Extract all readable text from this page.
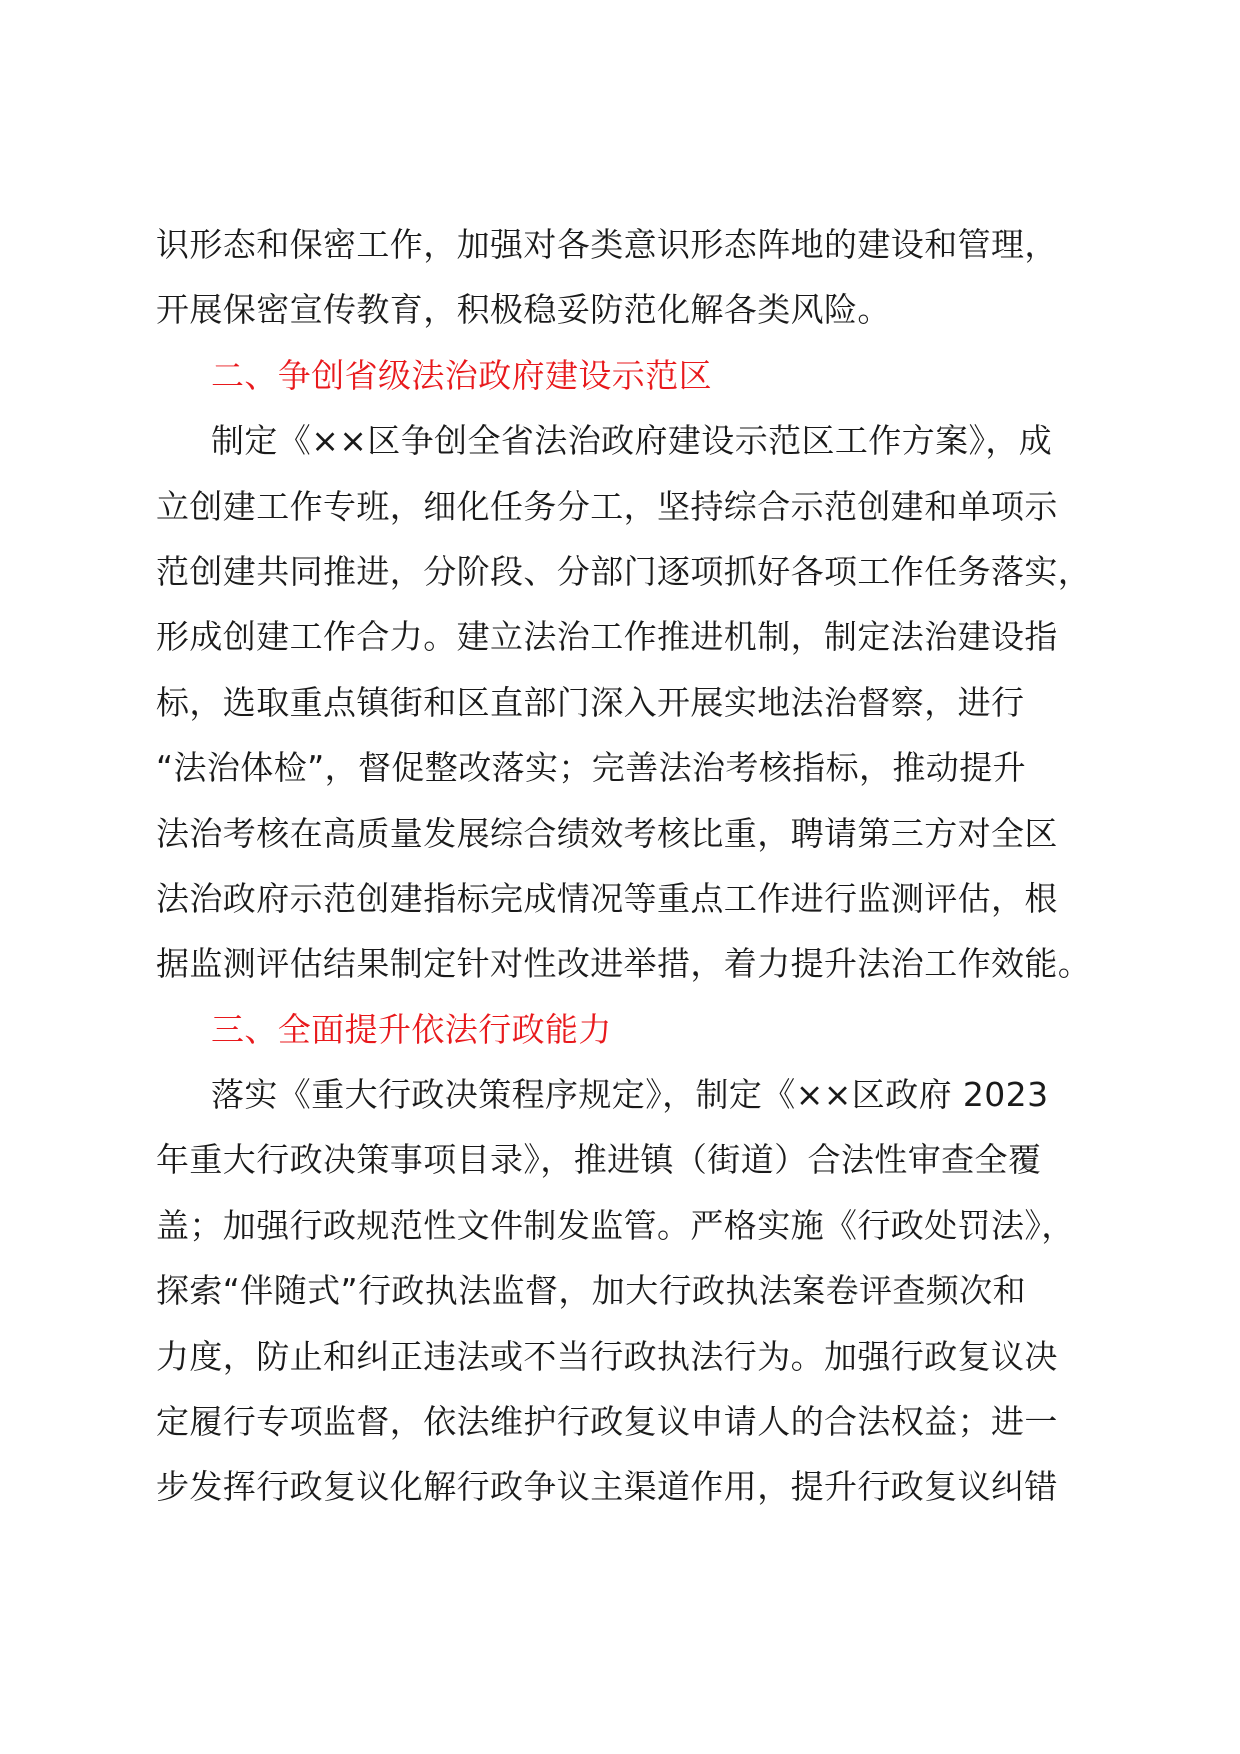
识形态和保密工作，加强对各类意识形态阵地的建设和管理，
开展保密宣传教育，积极稳妥防范化解各类风险。
二、争创省级法治政府建设示范区
制定《××区争创全省法治政府建设示范区工作方案》，成
立创建工作专班，细化任务分工，坚持综合示范创建和单项示
范创建共同推进，分阶段、分部门逐项抓好各项工作任务落实，
形成创建工作合力。建立法治工作推进机制，制定法治建设指
标，选取重点镇街和区直部门深入开展实地法治督察，进行
“法治体检”，督促整改落实；完善法治考核指标，推动提升
法治考核在高质量发展综合绩效考核比重，聘请第三方对全区
法治政府示范创建指标完成情况等重点工作进行监测评估，根
据监测评估结果制定针对性改进举措，着力提升法治工作效能。
三、全面提升依法行政能力
落实《重大行政决策程序规定》，制定《××区政府 2023
年重大行政决策事项目录》，推进镇（街道）合法性审查全覆
盖；加强行政规范性文件制发监管。严格实施《行政处罚法》，
探索“伴随式”行政执法监督，加大行政执法案卷评查频次和
力度，防止和纠正违法或不当行政执法行为。加强行政复议决
定履行专项监督，依法维护行政复议申请人的合法权益；进一
步发挥行政复议化解行政争议主渠道作用，提升行政复议纠错
